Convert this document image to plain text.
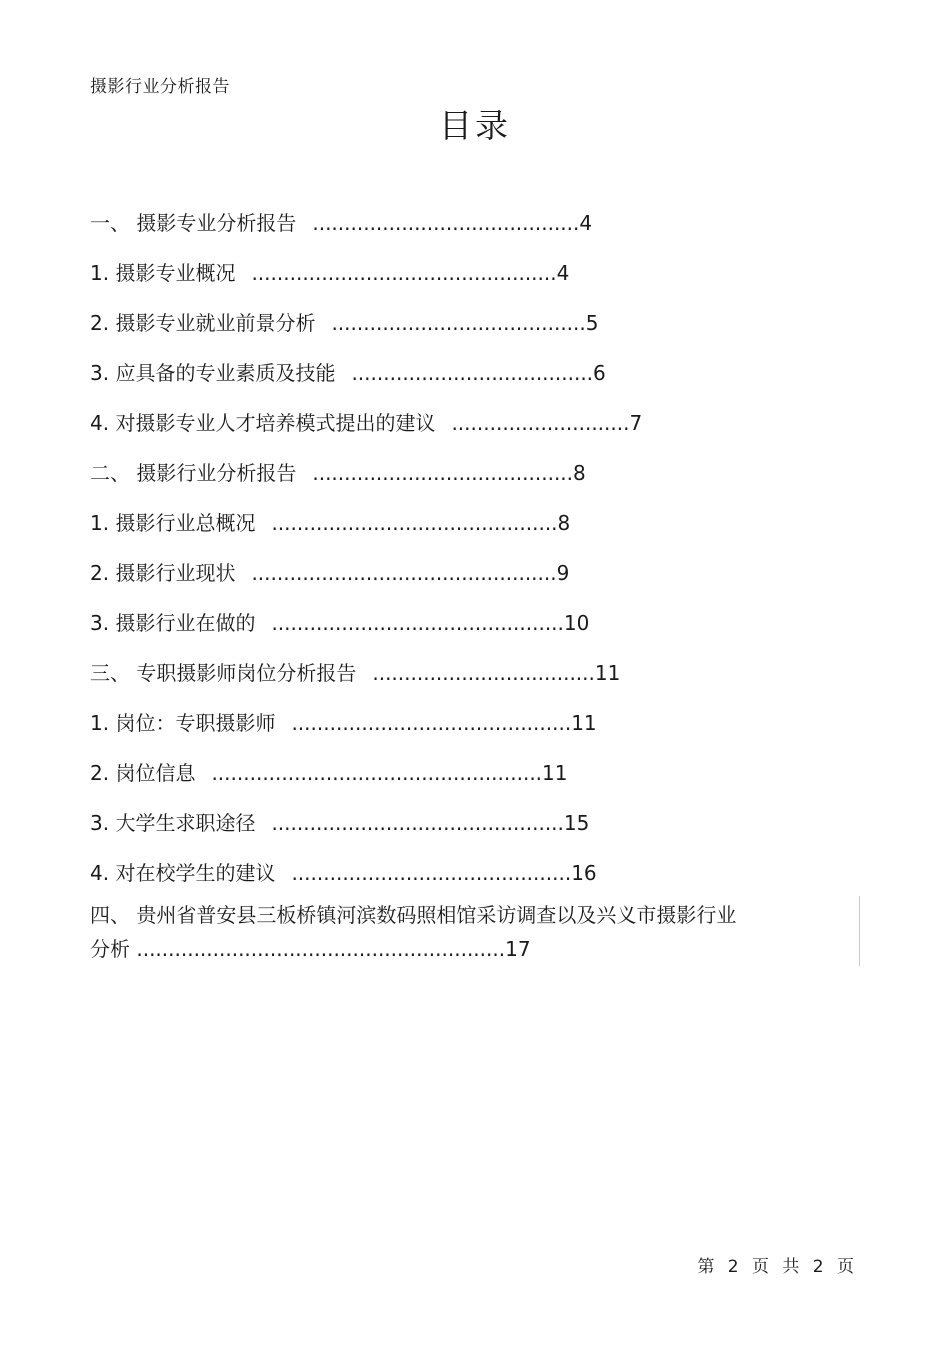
摄影行业分析报告
目录
一、 摄影专业分析报告 ..........................................4
1. 摄影专业概况 ................................................4
2. 摄影专业就业前景分析 ........................................5
3. 应具备的专业素质及技能 ......................................6
4. 对摄影专业人才培养模式提出的建议 ............................7
二、 摄影行业分析报告 .........................................8
1. 摄影行业总概况 .............................................8
2. 摄影行业现状 ................................................9
3. 摄影行业在做的 ..............................................10
三、 专职摄影师岗位分析报告 ...................................11
1. 岗位：专职摄影师 ............................................11
2. 岗位信息 ....................................................11
3. 大学生求职途径 ..............................................15
4. 对在校学生的建议 ............................................16
四、 贵州省普安县三板桥镇河滨数码照相馆采访调查以及兴义市摄影行业
分析 ..........................................................17
第 2 页 共 2 页
